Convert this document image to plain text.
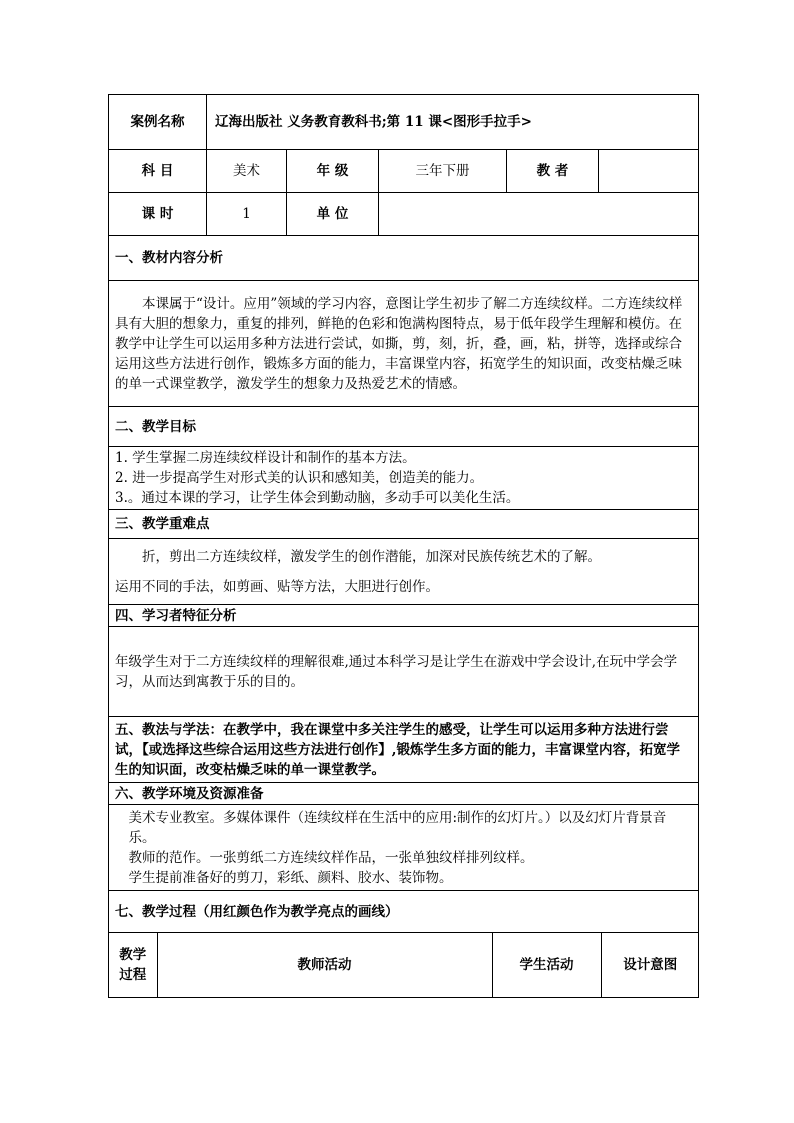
案例名称	辽海出版社 义务教育教科书;第 11 课<图形手拉手>
科 目	美术	年 级	三年下册	教 者	
课 时	1	单 位	
一、教材内容分析
本课属于“设计。应用”领域的学习内容，意图让学生初步了解二方连续纹样。二方连续纹样具有大胆的想象力，重复的排列，鲜艳的色彩和饱满构图特点，易于低年段学生理解和模仿。在教学中让学生可以运用多种方法进行尝试，如撕，剪，刻，折，叠，画，粘，拼等，选择或综合运用这些方法进行创作，锻炼多方面的能力，丰富课堂内容，拓宽学生的知识面，改变枯燥乏味的单一式课堂教学，激发学生的想象力及热爱艺术的情感。
二、教学目标

1. 学生掌握二房连续纹样设计和制作的基本方法。
2. 进一步提高学生对形式美的认识和感知美，创造美的能力。
3.。通过本课的学习，让学生体会到勤动脑，多动手可以美化生活。

三、教学重难点

折，剪出二方连续纹样，激发学生的创作潜能，加深对民族传统艺术的了解。
运用不同的手法，如剪画、贴等方法，大胆进行创作。

四、学习者特征分析
年级学生对于二方连续纹样的理解很难,通过本科学习是让学生在游戏中学会设计,在玩中学会学习，从而达到寓教于乐的目的。
五、教法与学法：在教学中，我在课堂中多关注学生的感受，让学生可以运用多种方法进行尝试，【或选择这些综合运用这些方法进行创作】,锻炼学生多方面的能力，丰富课堂内容，拓宽学生的知识面，改变枯燥乏味的单一课堂教学。
六、教学环境及资源准备

美术专业教室。多媒体课件（连续纹样在生活中的应用:制作的幻灯片。）以及幻灯片背景音乐。
教师的范作。一张剪纸二方连续纹样作品，一张单独纹样排列纹样。
学生提前准备好的剪刀，彩纸、颜料、胶水、装饰物。

七、教学过程（用红颜色作为教学亮点的画线）

教学过程	教师活动	学生活动	设计意图
